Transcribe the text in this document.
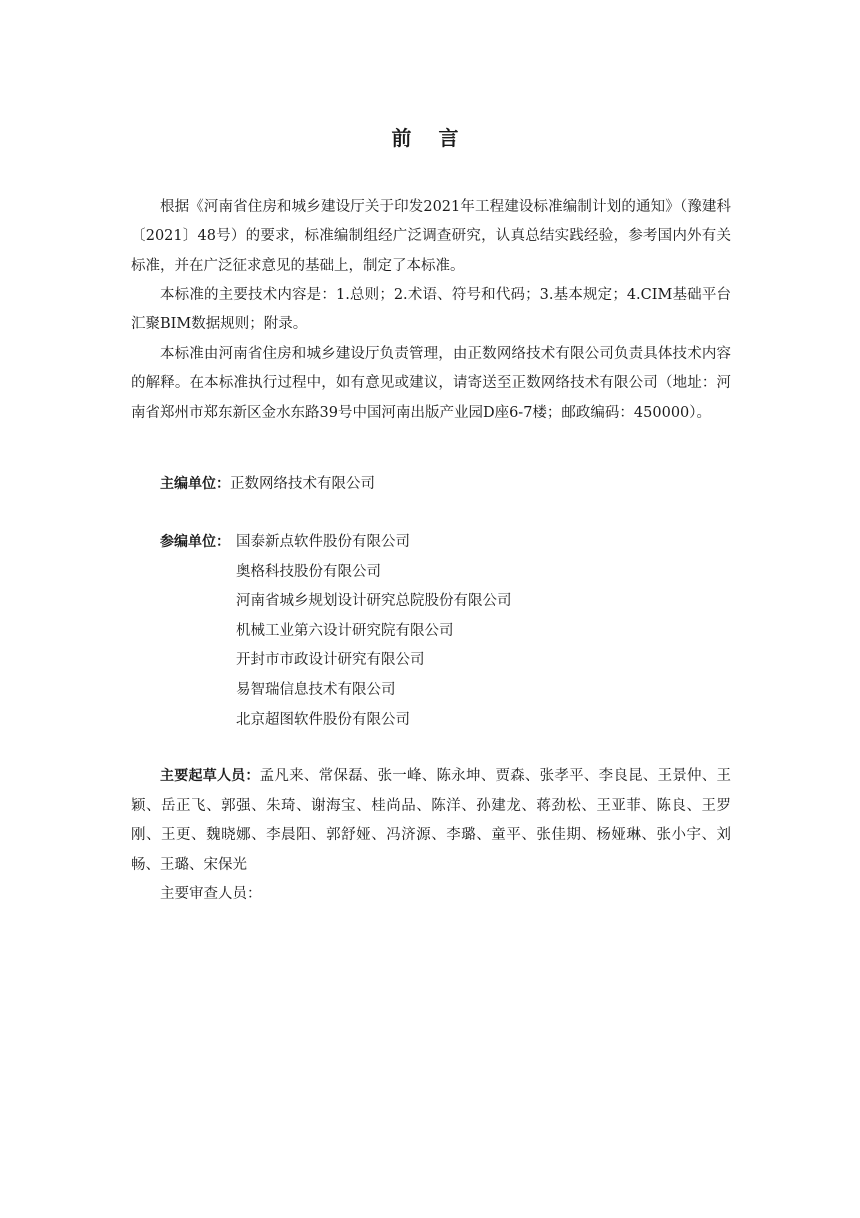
前 言

根据《河南省住房和城乡建设厅关于印发2021年工程建设标准编制计划的通知》（豫建科〔2021〕48号）的要求，标准编制组经广泛调查研究，认真总结实践经验，参考国内外有关标准，并在广泛征求意见的基础上，制定了本标准。

本标准的主要技术内容是：1.总则；2.术语、符号和代码；3.基本规定；4.CIM基础平台汇聚BIM数据规则；附录。

本标准由河南省住房和城乡建设厅负责管理，由正数网络技术有限公司负责具体技术内容的解释。在本标准执行过程中，如有意见或建议，请寄送至正数网络技术有限公司（地址：河南省郑州市郑东新区金水东路39号中国河南出版产业园D座6-7楼；邮政编码：450000）。

主编单位：正数网络技术有限公司
参编单位： 国泰新点软件股份有限公司
奥格科技股份有限公司
河南省城乡规划设计研究总院股份有限公司
机械工业第六设计研究院有限公司
开封市市政设计研究有限公司
易智瑞信息技术有限公司
北京超图软件股份有限公司
主要起草人员：孟凡来、常保磊、张一峰、陈永坤、贾森、张孝平、李良昆、王景仲、王颖、岳正飞、郭强、朱琦、谢海宝、桂尚品、陈洋、孙建龙、蒋劲松、王亚菲、陈良、王罗刚、王更、魏晓娜、李晨阳、郭舒娅、冯济源、李璐、童平、张佳期、杨娅琳、张小宇、刘畅、王璐、宋保光
主要审查人员：
